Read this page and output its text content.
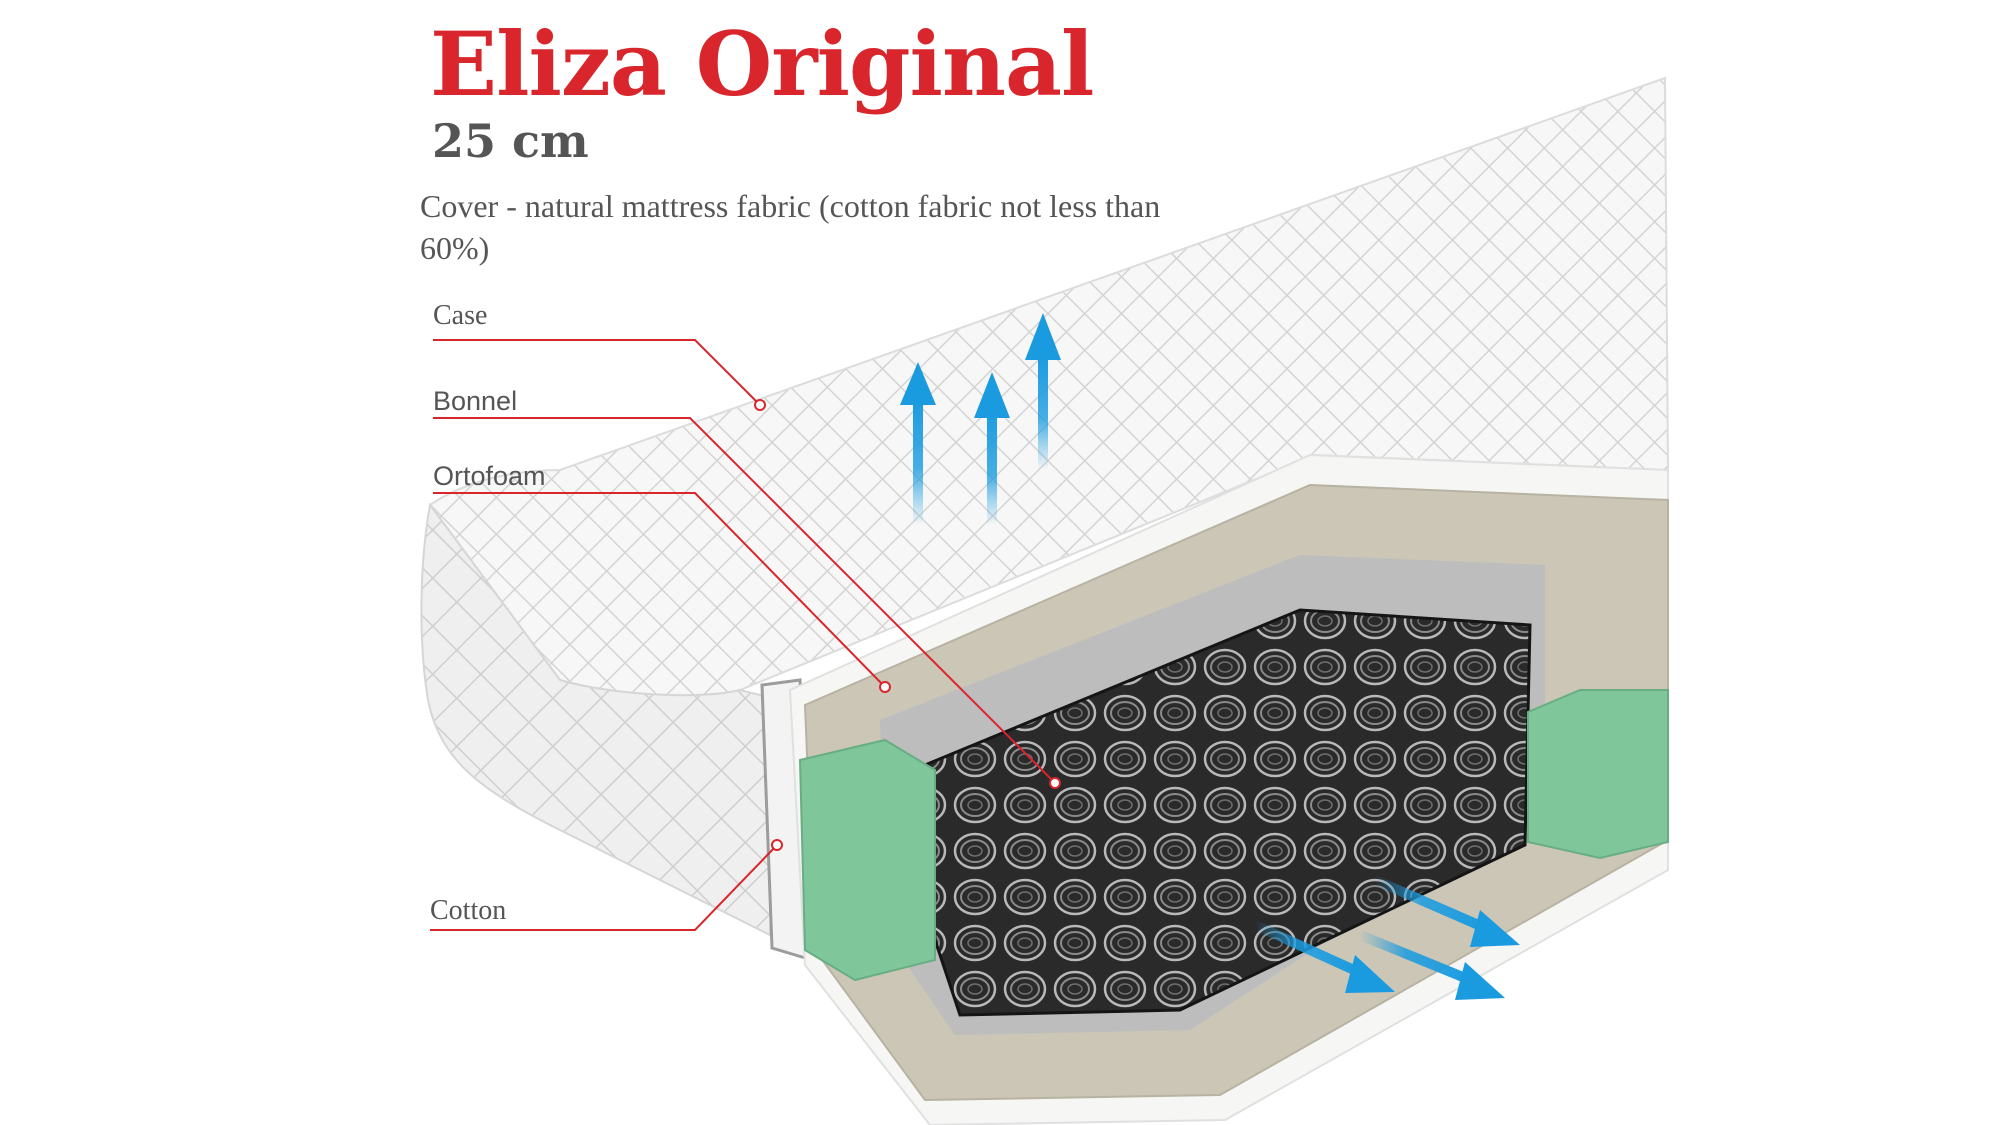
Eliza Original
25 cm
Cover - natural mattress fabric (cotton fabric not less than 60%)
Case
Bonnel
Ortofoam
Cotton
